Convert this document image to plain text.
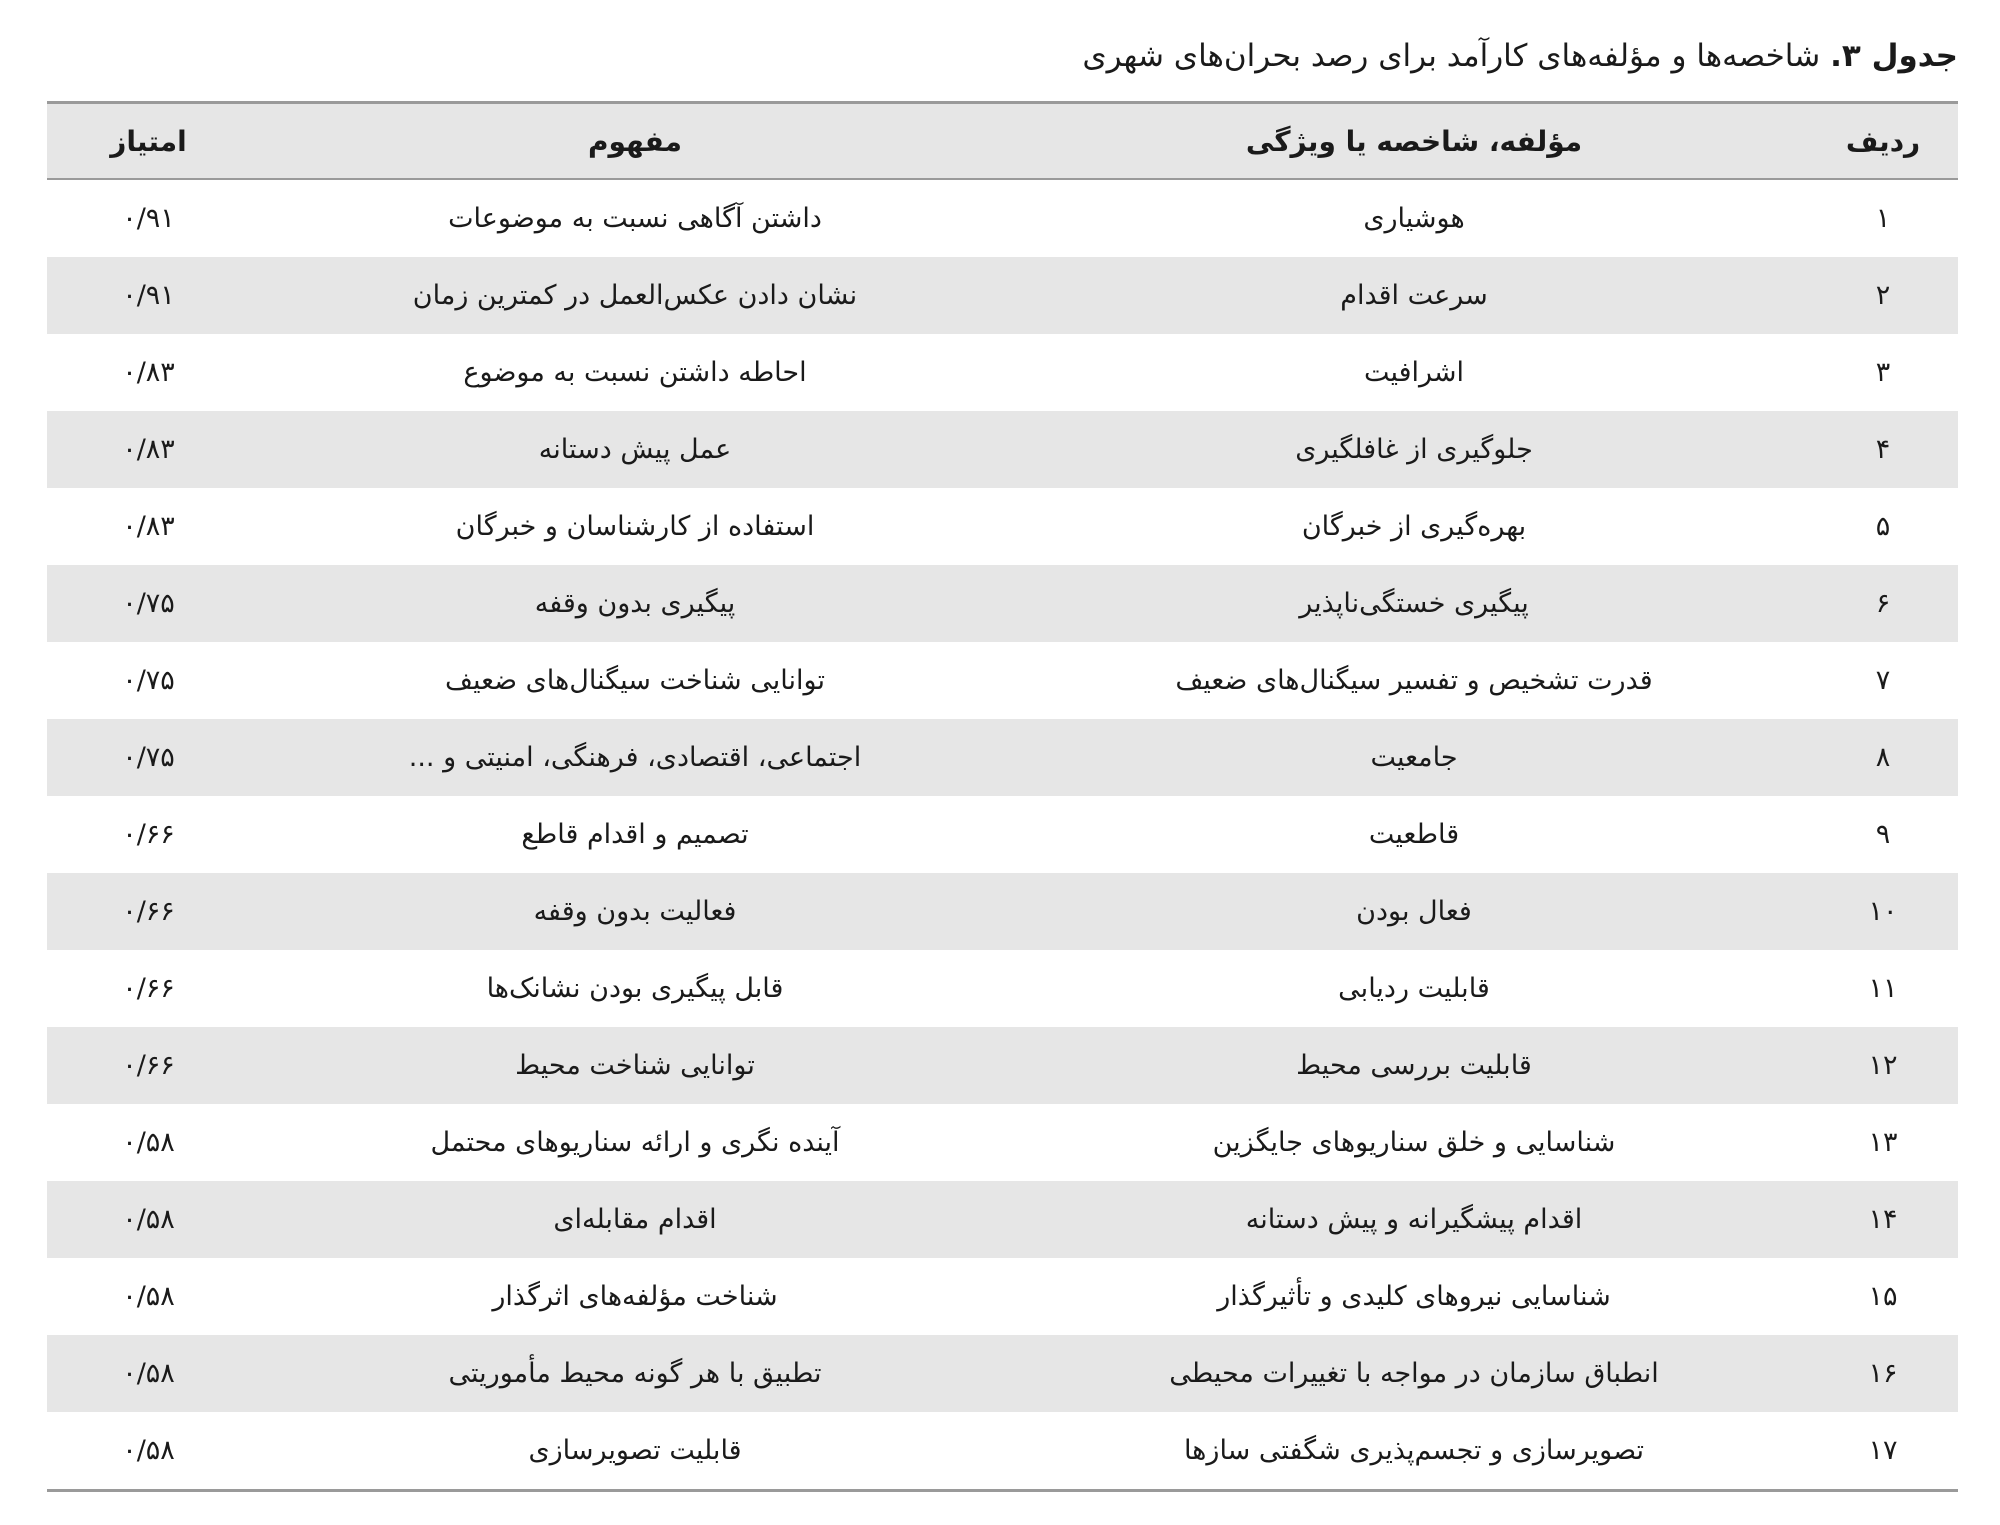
جدول ۳. شاخصه‌ها و مؤلفه‌های کارآمد برای رصد بحران‌های شهری
ردیف
مؤلفه، شاخصه یا ویژگی
مفهوم
امتیاز
۱
هوشیاری
داشتن آگاهی نسبت به موضوعات
۰/۹۱
۲
سرعت اقدام
نشان دادن عکس‌العمل در کمترین زمان
۰/۹۱
۳
اشرافیت
احاطه داشتن نسبت به موضوع
۰/۸۳
۴
جلوگیری از غافلگیری
عمل پیش دستانه
۰/۸۳
۵
بهره‌گیری از خبرگان
استفاده از کارشناسان و خبرگان
۰/۸۳
۶
پیگیری خستگی‌ناپذیر
پیگیری بدون وقفه
۰/۷۵
۷
قدرت تشخیص و تفسیر سیگنال‌های ضعیف
توانایی شناخت سیگنال‌های ضعیف
۰/۷۵
۸
جامعیت
اجتماعی، اقتصادی، فرهنگی، امنیتی و ...
۰/۷۵
۹
قاطعیت
تصمیم و اقدام قاطع
۰/۶۶
۱۰
فعال بودن
فعالیت بدون وقفه
۰/۶۶
۱۱
قابلیت ردیابی
قابل پیگیری بودن نشانک‌ها
۰/۶۶
۱۲
قابلیت بررسی محیط
توانایی شناخت محیط
۰/۶۶
۱۳
شناسایی و خلق سناریوهای جایگزین
آینده نگری و ارائه سناریوهای محتمل
۰/۵۸
۱۴
اقدام پیشگیرانه و پیش دستانه
اقدام مقابله‌ای
۰/۵۸
۱۵
شناسایی نیروهای کلیدی و تأثیرگذار
شناخت مؤلفه‌های اثرگذار
۰/۵۸
۱۶
انطباق سازمان در مواجه با تغییرات محیطی
تطبیق با هر گونه محیط مأموریتی
۰/۵۸
۱۷
تصویرسازی و تجسم‌پذیری شگفتی سازها
قابلیت تصویرسازی
۰/۵۸
